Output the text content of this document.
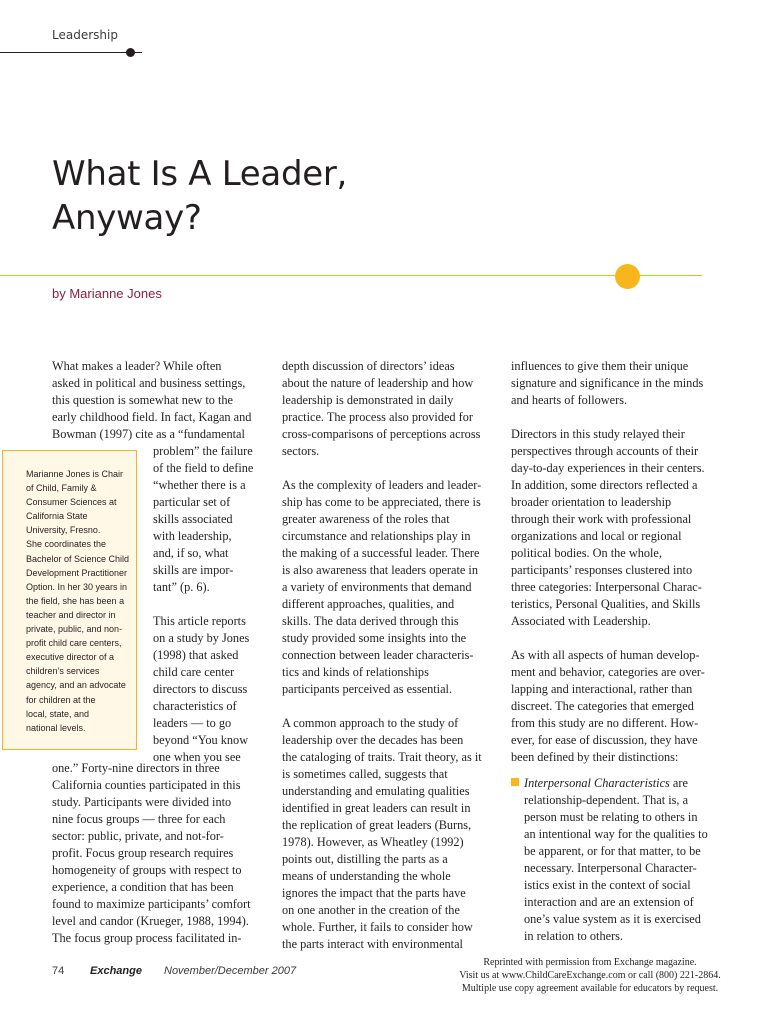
Leadership
What Is A Leader,
Anyway?
by Marianne Jones
Marianne Jones is Chair
of Child, Family &
Consumer Sciences at
California State
University, Fresno.
She coordinates the
Bachelor of Science Child
Development Practitioner
Option. In her 30 years in
the field, she has been a
teacher and director in
private, public, and non-
profit child care centers,
executive director of a
children’s services
agency, and an advocate
for children at the
local, state, and
national levels.
What makes a leader? While often
asked in political and business settings,
this question is somewhat new to the
early childhood field. In fact, Kagan and
Bowman (1997) cite as a “fundamental
problem” the failure
of the field to define
“whether there is a
particular set of
skills associated
with leadership,
and, if so, what
skills are impor-
tant” (p. 6).

This article reports
on a study by Jones
(1998) that asked
child care center
directors to discuss
characteristics of
leaders — to go
beyond “You know
one when you see
one.” Forty-nine directors in three
California counties participated in this
study. Participants were divided into
nine focus groups — three for each
sector: public, private, and not-for-
profit. Focus group research requires
homogeneity of groups with respect to
experience, a condition that has been
found to maximize participants’ comfort
level and candor (Krueger, 1988, 1994).
The focus group process facilitated in-
depth discussion of directors’ ideas
about the nature of leadership and how
leadership is demonstrated in daily
practice. The process also provided for
cross-comparisons of perceptions across
sectors.

As the complexity of leaders and leader-
ship has come to be appreciated, there is
greater awareness of the roles that
circumstance and relationships play in
the making of a successful leader. There
is also awareness that leaders operate in
a variety of environments that demand
different approaches, qualities, and
skills. The data derived through this
study provided some insights into the
connection between leader characteris-
tics and kinds of relationships
participants perceived as essential.

A common approach to the study of
leadership over the decades has been
the cataloging of traits. Trait theory, as it
is sometimes called, suggests that
understanding and emulating qualities
identified in great leaders can result in
the replication of great leaders (Burns,
1978). However, as Wheatley (1992)
points out, distilling the parts as a
means of understanding the whole
ignores the impact that the parts have
on one another in the creation of the
whole. Further, it fails to consider how
the parts interact with environmental
influences to give them their unique
signature and significance in the minds
and hearts of followers.

Directors in this study relayed their
perspectives through accounts of their
day-to-day experiences in their centers.
In addition, some directors reflected a
broader orientation to leadership
through their work with professional
organizations and local or regional
political bodies. On the whole,
participants’ responses clustered into
three categories: Interpersonal Charac-
teristics, Personal Qualities, and Skills
Associated with Leadership.

As with all aspects of human develop-
ment and behavior, categories are over-
lapping and interactional, rather than
discreet. The categories that emerged
from this study are no different. How-
ever, for ease of discussion, they have
been defined by their distinctions:
Interpersonal Characteristics are
relationship-dependent. That is, a
person must be relating to others in
an intentional way for the qualities to
be apparent, or for that matter, to be
necessary. Interpersonal Character-
istics exist in the context of social
interaction and are an extension of
one’s value system as it is exercised
in relation to others.
74 Exchange November/December 2007
Reprinted with permission from Exchange magazine.
Visit us at www.ChildCareExchange.com or call (800) 221-2864.
Multiple use copy agreement available for educators by request.
